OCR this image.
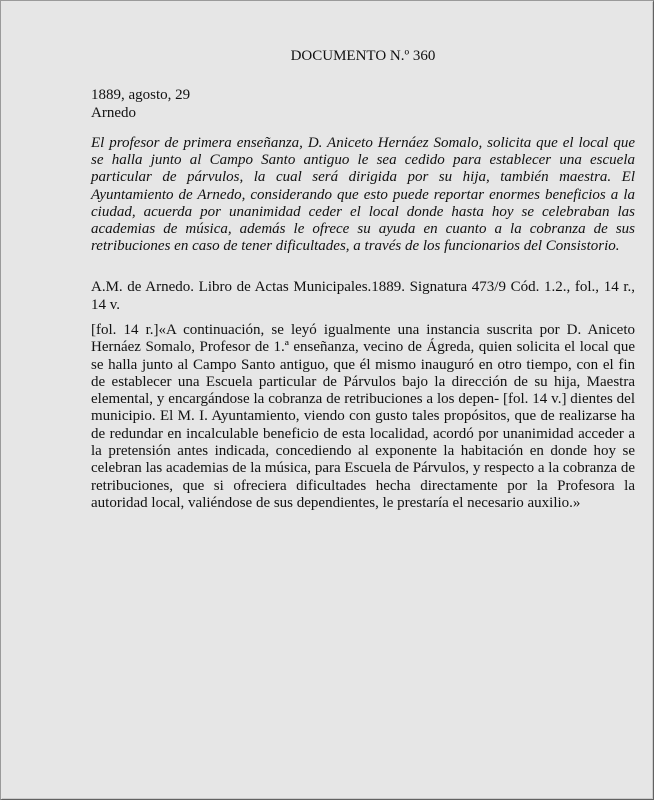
DOCUMENTO N.º 360
1889, agosto, 29
Arnedo

El profesor de primera enseñanza, D. Aniceto Hernáez Somalo, solicita que el local que se halla junto al Campo Santo antiguo le sea cedido para establecer una escuela particular de párvulos, la cual será dirigida por su hija, también maestra. El Ayuntamiento de Arnedo, considerando que esto puede reportar enormes beneficios a la ciudad, acuerda por unanimidad ceder el local donde hasta hoy se celebraban las academias de música, además le ofrece su ayuda en cuanto a la cobranza de sus retribuciones en caso de tener dificultades, a través de los funcionarios del Consistorio.

A.M. de Arnedo. Libro de Actas Municipales.1889. Signatura 473/9 Cód. 1.2., fol., 14 r., 14 v.

[fol. 14 r.]«A continuación, se leyó igualmente una instancia suscrita por D. Aniceto Hernáez Somalo, Profesor de 1.ª enseñanza, vecino de Ágreda, quien solicita el local que se halla junto al Campo Santo antiguo, que él mismo inauguró en otro tiempo, con el fin de establecer una Escuela particular de Párvulos bajo la dirección de su hija, Maestra elemental, y encargándose la cobranza de retribuciones a los depen- [fol. 14 v.] dientes del municipio. El M. I. Ayuntamiento, viendo con gusto tales propósitos, que de realizarse ha de redundar en incalculable beneficio de esta localidad, acordó por unanimidad acceder a la pretensión antes indicada, concediendo al exponente la habitación en donde hoy se celebran las academias de la música, para Escuela de Párvulos, y respecto a la cobranza de retribuciones, que si ofreciera dificultades hecha directamente por la Profesora la autoridad local, valiéndose de sus dependientes, le prestaría el necesario auxilio.»
